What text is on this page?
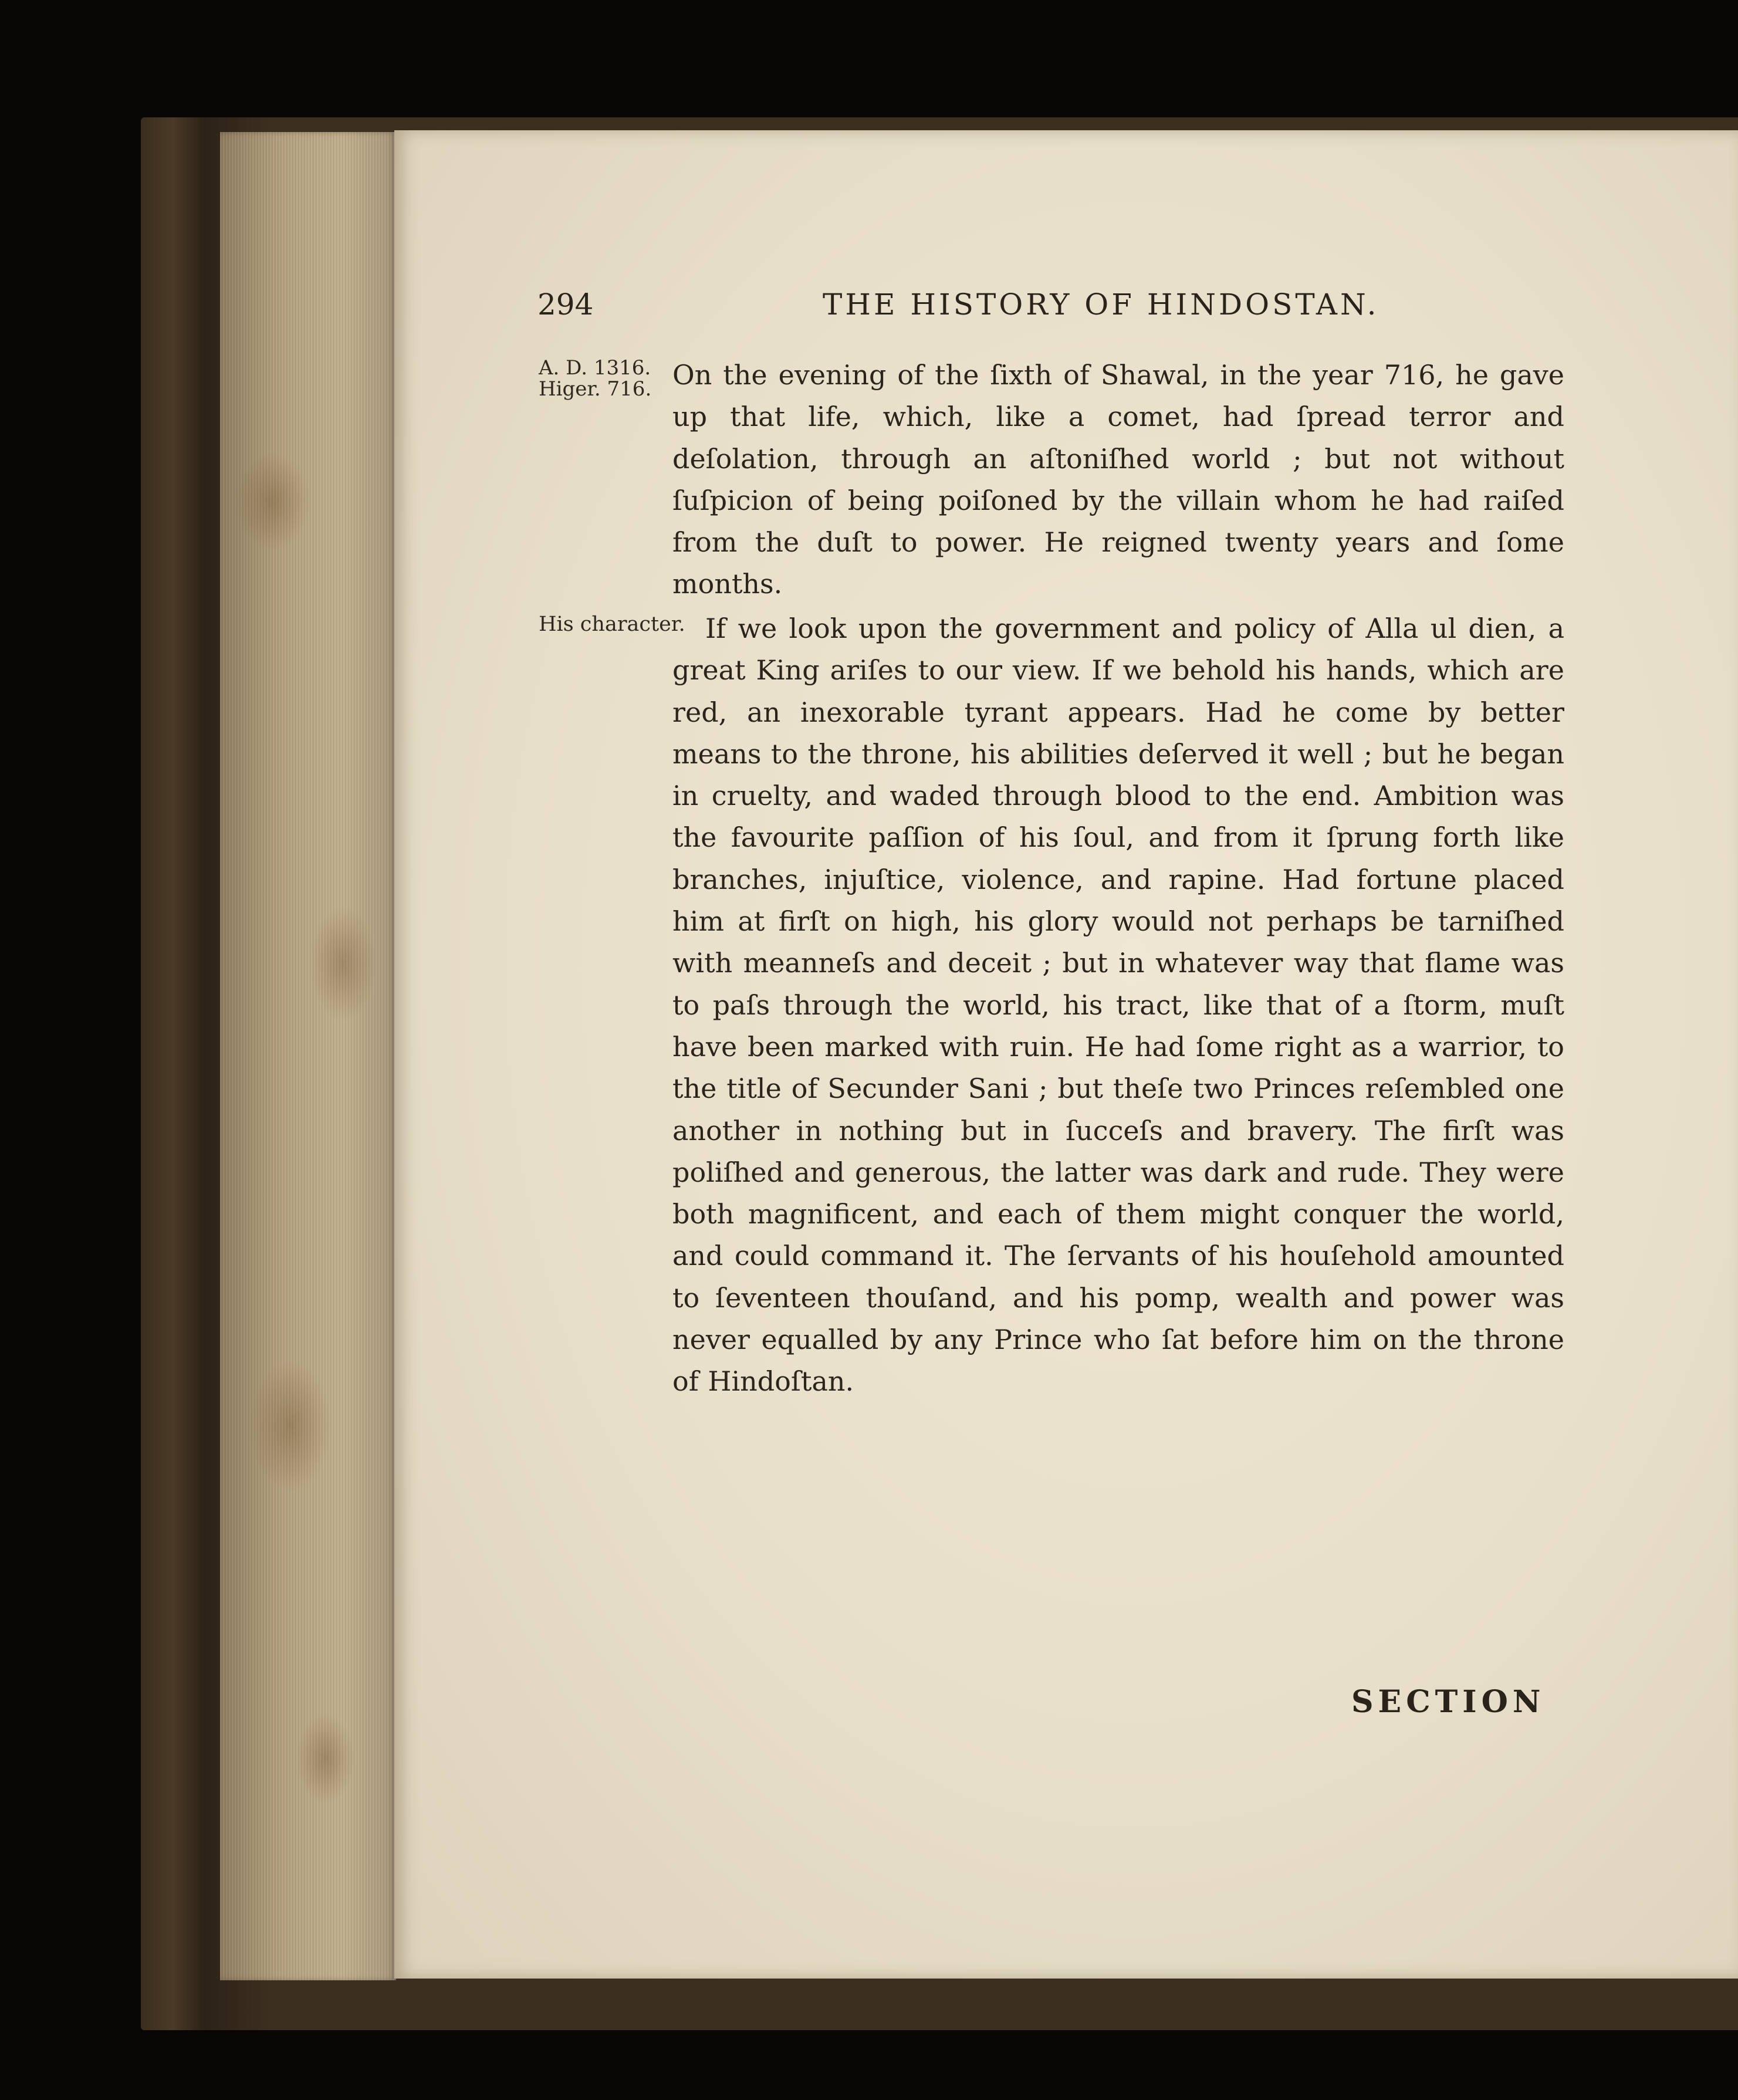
294	THE HISTORY OF HINDOSTAN.
A. D. 1316.
Higer. 716.
His character.
On the evening of the ſixth of Shawal, in the year 716, he gave up that life, which, like a comet, had ſpread terror and deſolation, through an aſtoniſhed world ; but not without ſuſpicion of being poiſoned by the villain whom he had raiſed from the duſt to power. He reigned twenty years and ſome months.
If we look upon the government and policy of Alla ul dien, a great King ariſes to our view. If we behold his hands, which are red, an inexorable tyrant appears. Had he come by better means to the throne, his abilities deſerved it well ; but he began in cruelty, and waded through blood to the end. Ambition was the favourite paſſion of his ſoul, and from it ſprung forth like branches, injuſtice, violence, and rapine. Had fortune placed him at firſt on high, his glory would not perhaps be tarniſhed with meanneſs and deceit ; but in whatever way that flame was to paſs through the world, his tract, like that of a ſtorm, muſt have been marked with ruin. He had ſome right as a warrior, to the title of Secunder Sani ; but theſe two Princes reſembled one another in nothing but in ſucceſs and bravery. The firſt was poliſhed and generous, the latter was dark and rude. They were both magnificent, and each of them might conquer the world, and could command it. The ſervants of his houſehold amounted to ſeventeen thouſand, and his pomp, wealth and power was never equalled by any Prince who ſat before him on the throne of Hindoſtan.
SECTION
